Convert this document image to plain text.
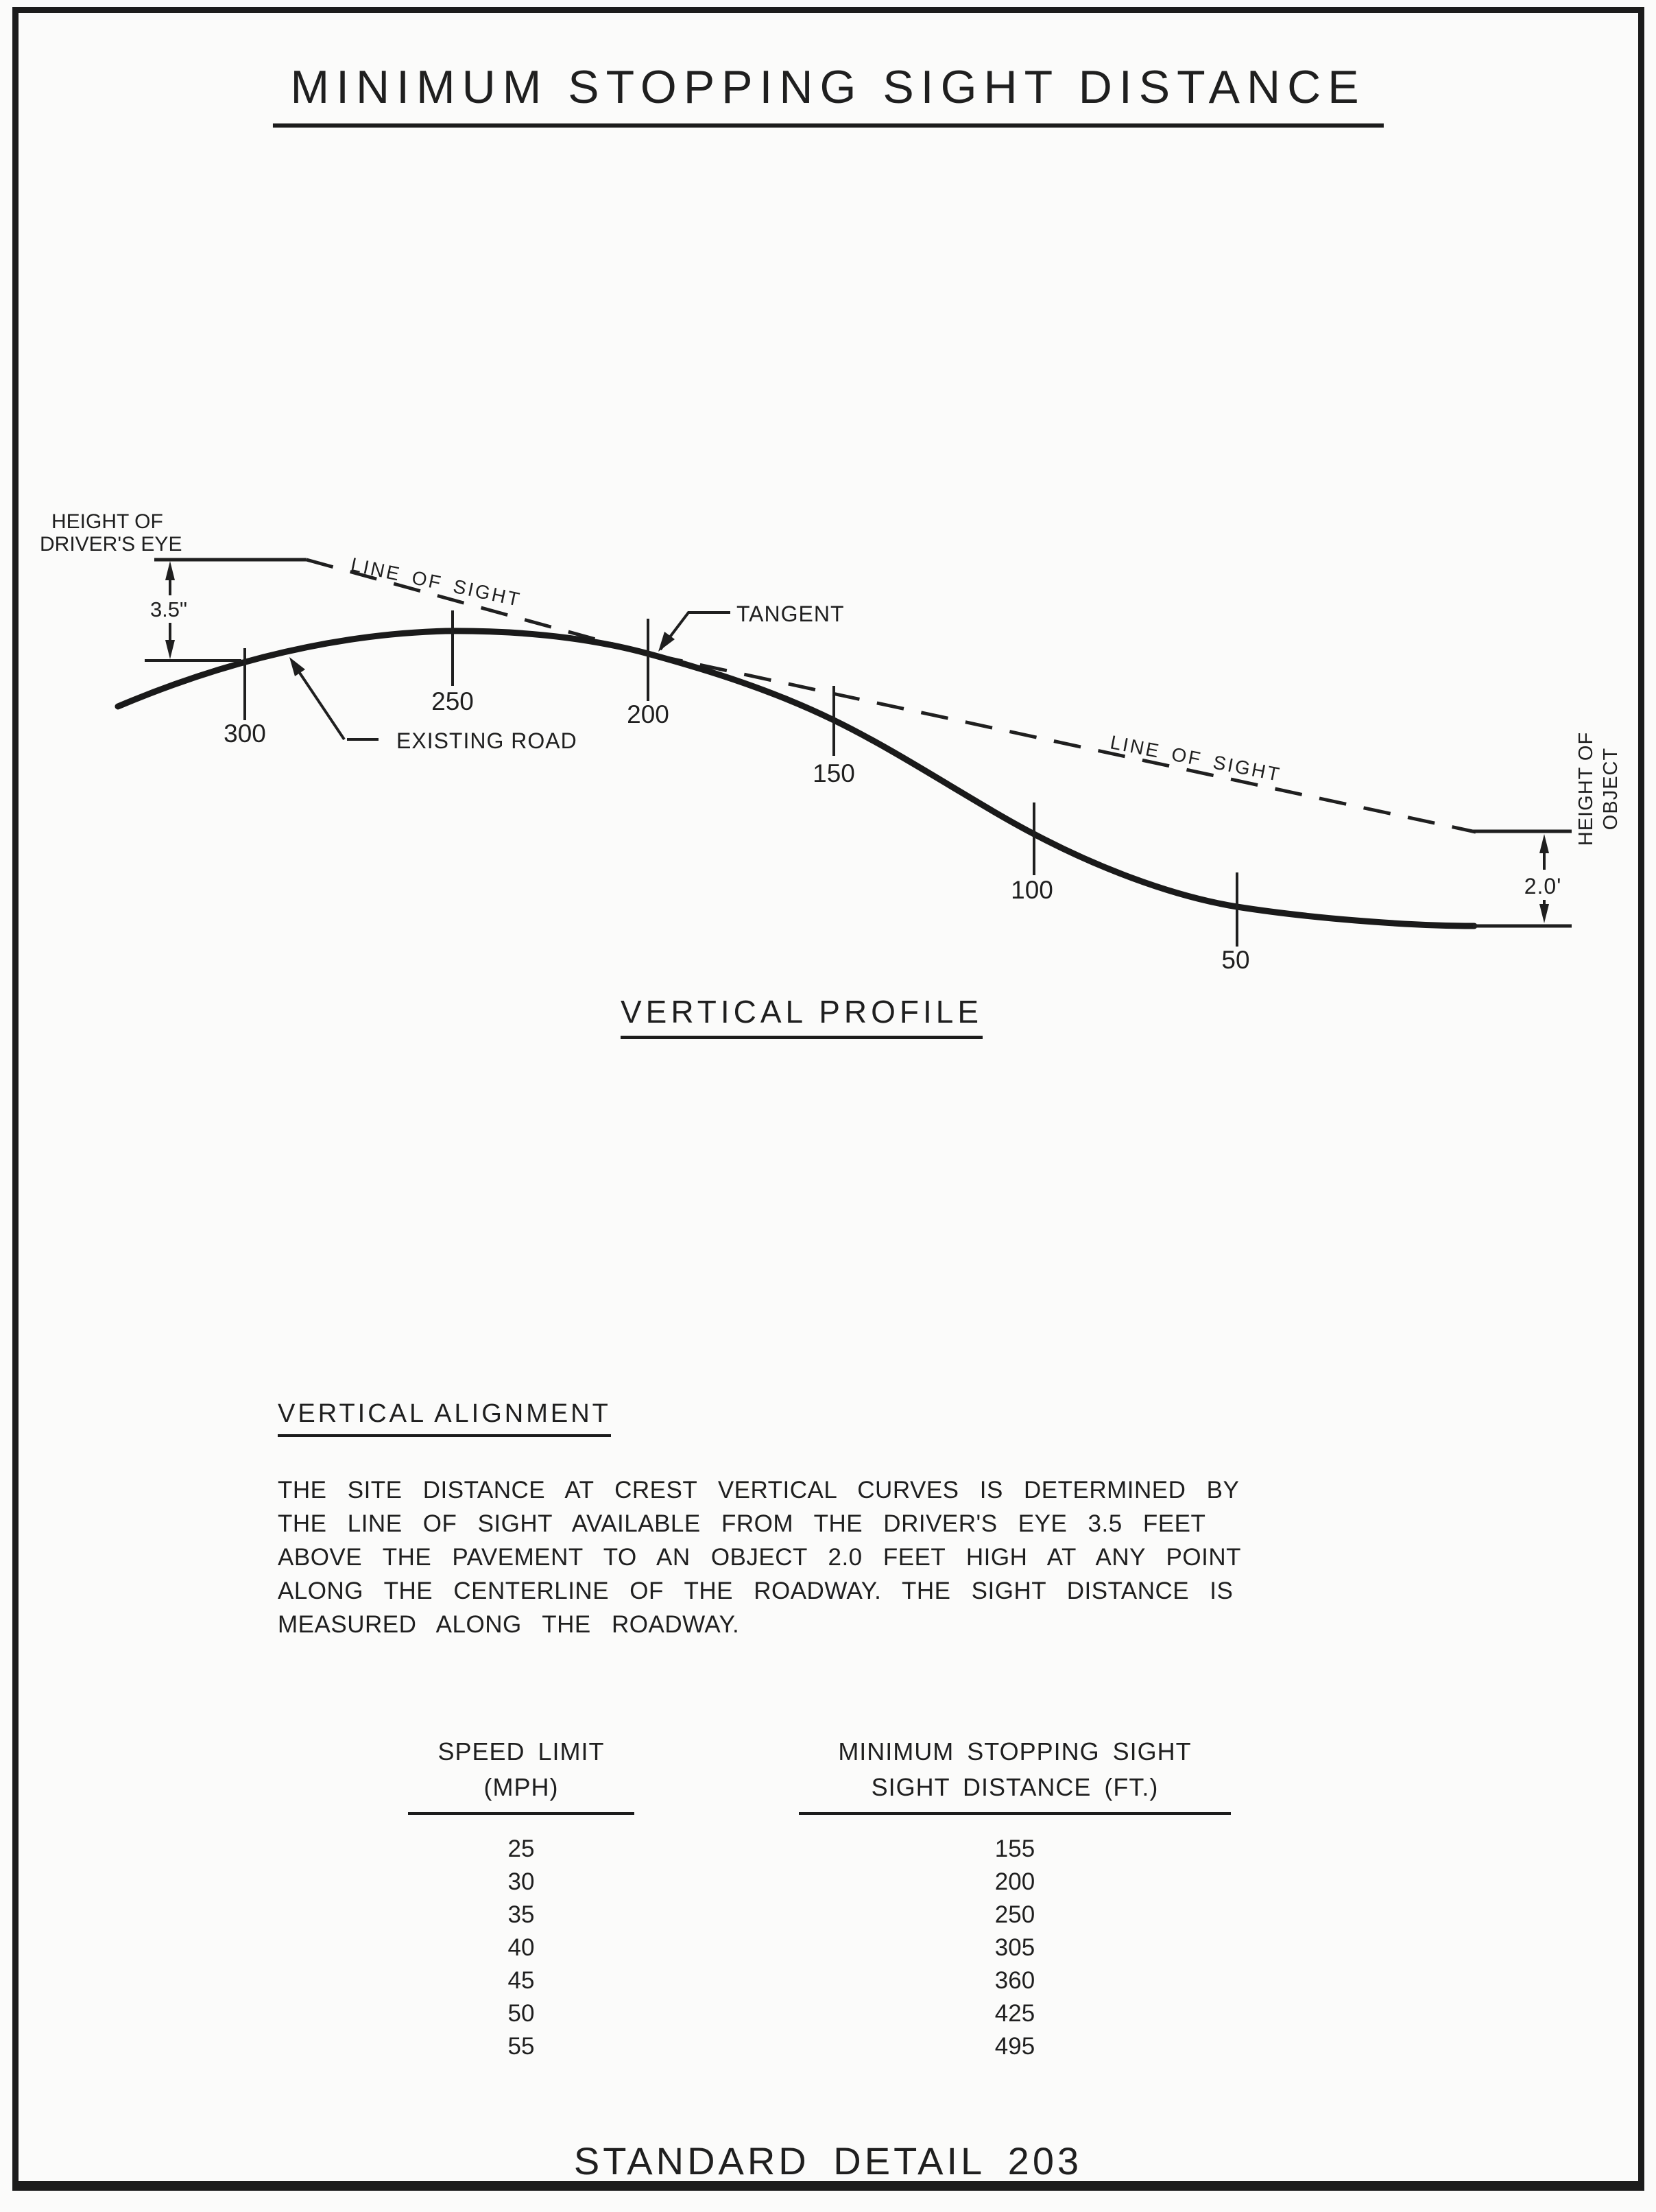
MINIMUM STOPPING SIGHT DISTANCE
3.5"
HEIGHT OF
DRIVER'S EYE
LINE OF SIGHT
LINE OF SIGHT
TANGENT
EXISTING ROAD
300
250	200
150
100
50
2.0'
HEIGHT OF OBJECT
VERTICAL PROFILE
VERTICAL ALIGNMENT
THE SITE DISTANCE AT CREST VERTICAL CURVES IS DETERMINED BY
THE LINE OF SIGHT AVAILABLE FROM THE DRIVER'S EYE 3.5 FEET
ABOVE THE PAVEMENT TO AN OBJECT 2.0 FEET HIGH AT ANY POINT
ALONG THE CENTERLINE OF THE ROADWAY. THE SIGHT DISTANCE IS
MEASURED ALONG THE ROADWAY.
SPEED LIMIT
(MPH)
MINIMUM STOPPING SIGHT
SIGHT DISTANCE (FT.)
25	155
30	200
35	250
40	305
45	360
50	425
55	495
STANDARD DETAIL 203
